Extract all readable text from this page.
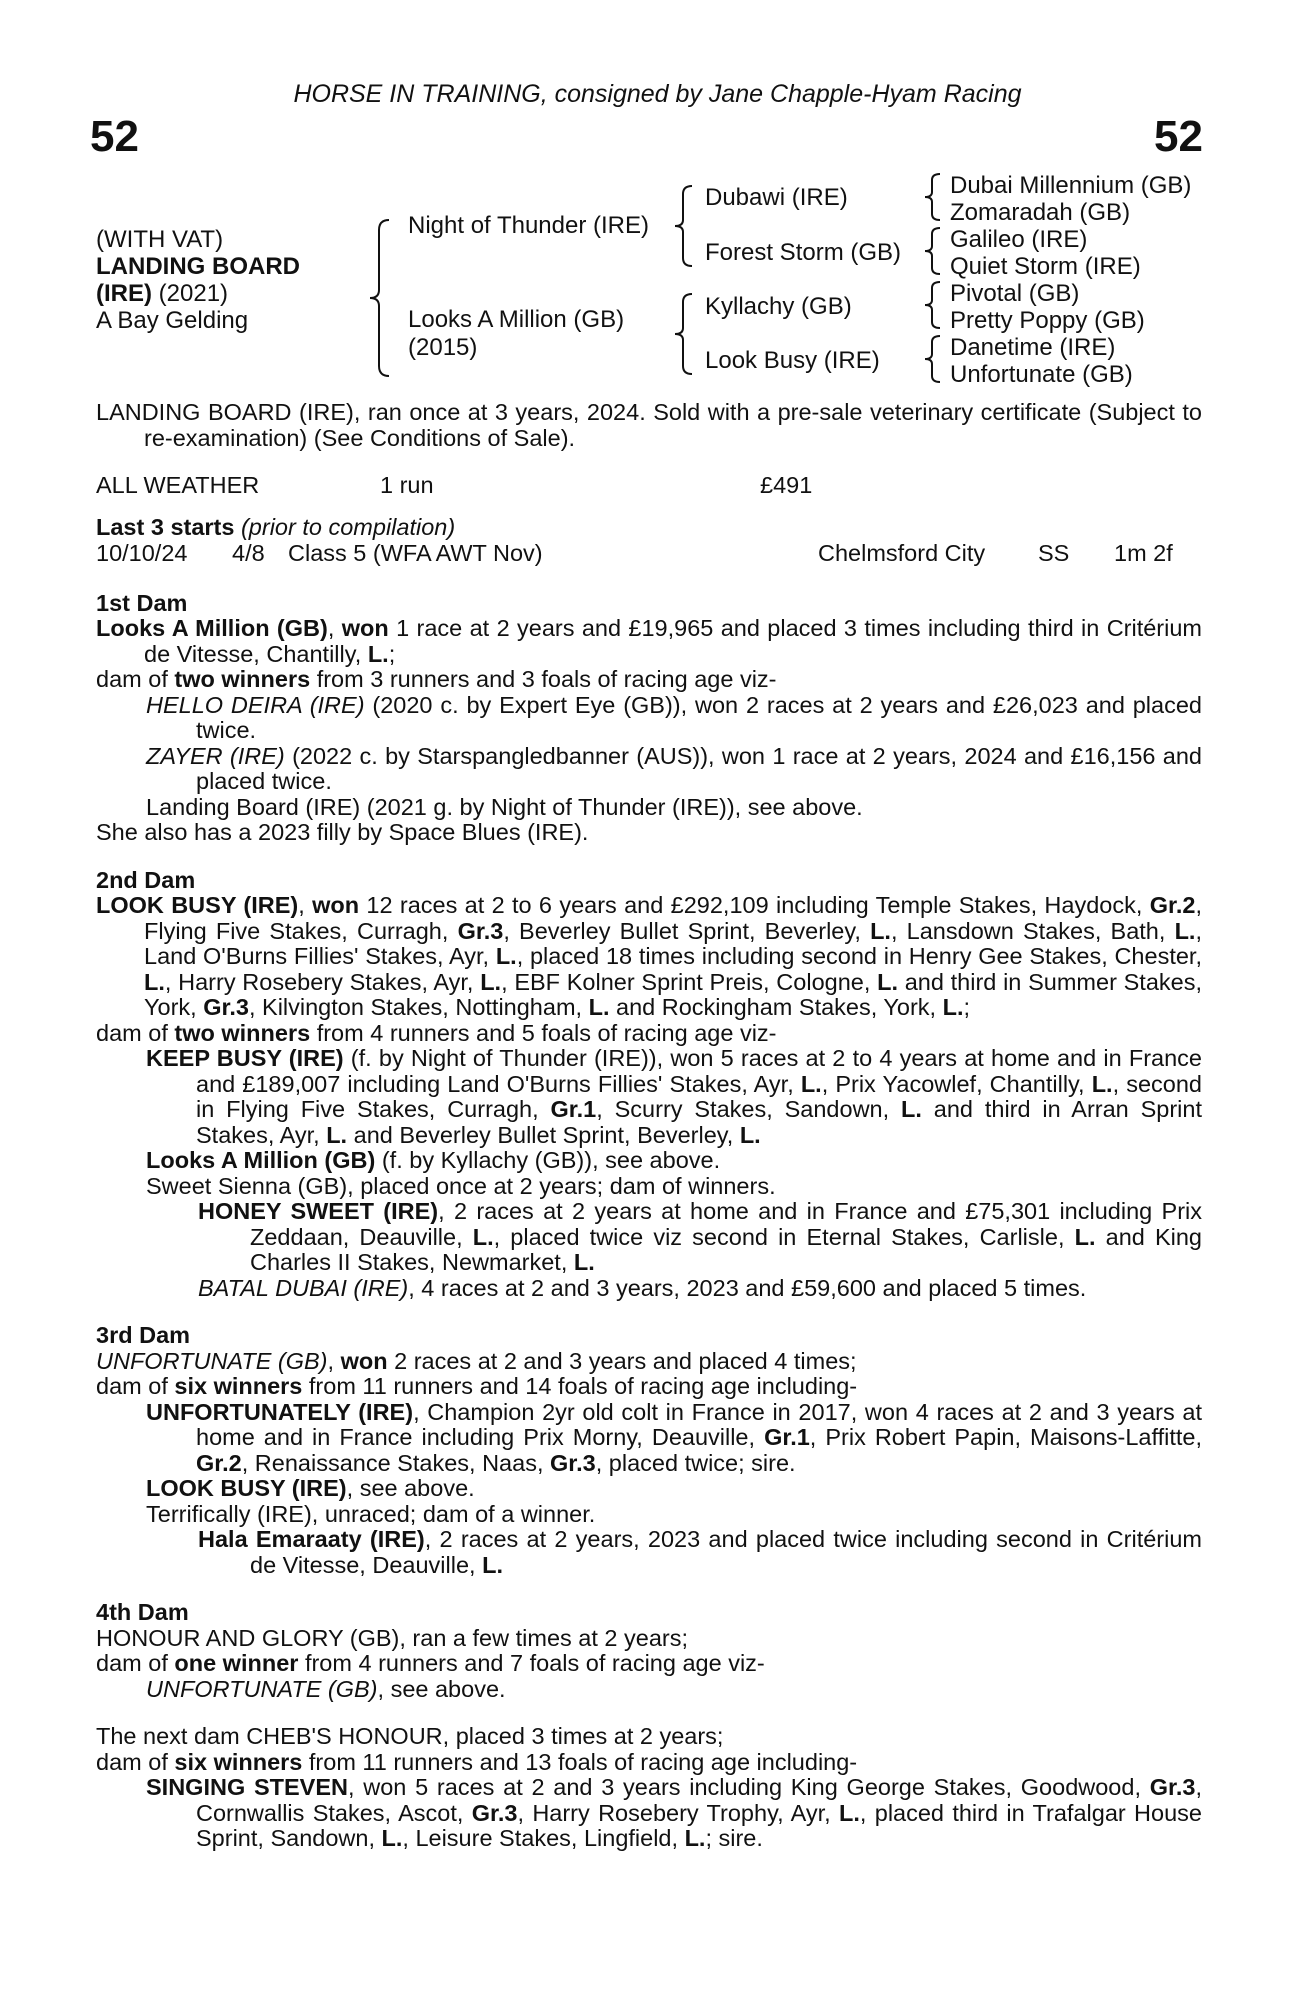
HORSE IN TRAINING, consigned by Jane Chapple-Hyam Racing
52	52
(WITH VAT)
LANDING BOARD
(IRE) (2021)
A Bay Gelding
Night of Thunder (IRE)
Looks A Million (GB)
(2015)
Dubawi (IRE)
Forest Storm (GB)
Kyllachy (GB)
Look Busy (IRE)
Dubai Millennium (GB)
Zomaradah (GB)
Galileo (IRE)
Quiet Storm (IRE)
Pivotal (GB)
Pretty Poppy (GB)
Danetime (IRE)
Unfortunate (GB)

LANDING BOARD (IRE), ran once at 3 years, 2024. Sold with a pre-sale veterinary certificate (Subject to re-examination) (See Conditions of Sale).

ALL WEATHER	1 run	£491

Last 3 starts (prior to compilation)

10/10/24 4/8 Class 5 (WFA AWT Nov)	Chelmsford City SS 1m 2f

1st Dam

Looks A Million (GB), won 1 race at 2 years and £19,965 and placed 3 times including third in Critérium de Vitesse, Chantilly, L.;

dam of two winners from 3 runners and 3 foals of racing age viz-

HELLO DEIRA (IRE) (2020 c. by Expert Eye (GB)), won 2 races at 2 years and £26,023 and placed twice.

ZAYER (IRE) (2022 c. by Starspangledbanner (AUS)), won 1 race at 2 years, 2024 and £16,156 and placed twice.

Landing Board (IRE) (2021 g. by Night of Thunder (IRE)), see above.

She also has a 2023 filly by Space Blues (IRE).

2nd Dam

LOOK BUSY (IRE), won 12 races at 2 to 6 years and £292,109 including Temple Stakes, Haydock, Gr.2, Flying Five Stakes, Curragh, Gr.3, Beverley Bullet Sprint, Beverley, L., Lansdown Stakes, Bath, L., Land O'Burns Fillies' Stakes, Ayr, L., placed 18 times including second in Henry Gee Stakes, Chester, L., Harry Rosebery Stakes, Ayr, L., EBF Kolner Sprint Preis, Cologne, L. and third in Summer Stakes, York, Gr.3, Kilvington Stakes, Nottingham, L. and Rockingham Stakes, York, L.;

dam of two winners from 4 runners and 5 foals of racing age viz-

KEEP BUSY (IRE) (f. by Night of Thunder (IRE)), won 5 races at 2 to 4 years at home and in France and £189,007 including Land O'Burns Fillies' Stakes, Ayr, L., Prix Yacowlef, Chantilly, L., second in Flying Five Stakes, Curragh, Gr.1, Scurry Stakes, Sandown, L. and third in Arran Sprint Stakes, Ayr, L. and Beverley Bullet Sprint, Beverley, L.

Looks A Million (GB) (f. by Kyllachy (GB)), see above.

Sweet Sienna (GB), placed once at 2 years; dam of winners.

HONEY SWEET (IRE), 2 races at 2 years at home and in France and £75,301 including Prix Zeddaan, Deauville, L., placed twice viz second in Eternal Stakes, Carlisle, L. and King Charles II Stakes, Newmarket, L.

BATAL DUBAI (IRE), 4 races at 2 and 3 years, 2023 and £59,600 and placed 5 times.

3rd Dam

UNFORTUNATE (GB), won 2 races at 2 and 3 years and placed 4 times;

dam of six winners from 11 runners and 14 foals of racing age including-

UNFORTUNATELY (IRE), Champion 2yr old colt in France in 2017, won 4 races at 2 and 3 years at home and in France including Prix Morny, Deauville, Gr.1, Prix Robert Papin, Maisons-Laffitte, Gr.2, Renaissance Stakes, Naas, Gr.3, placed twice; sire.

LOOK BUSY (IRE), see above.

Terrifically (IRE), unraced; dam of a winner.

Hala Emaraaty (IRE), 2 races at 2 years, 2023 and placed twice including second in Critérium de Vitesse, Deauville, L.

4th Dam

HONOUR AND GLORY (GB), ran a few times at 2 years;

dam of one winner from 4 runners and 7 foals of racing age viz-

UNFORTUNATE (GB), see above.

The next dam CHEB'S HONOUR, placed 3 times at 2 years;

dam of six winners from 11 runners and 13 foals of racing age including-

SINGING STEVEN, won 5 races at 2 and 3 years including King George Stakes, Goodwood, Gr.3, Cornwallis Stakes, Ascot, Gr.3, Harry Rosebery Trophy, Ayr, L., placed third in Trafalgar House Sprint, Sandown, L., Leisure Stakes, Lingfield, L.; sire.
